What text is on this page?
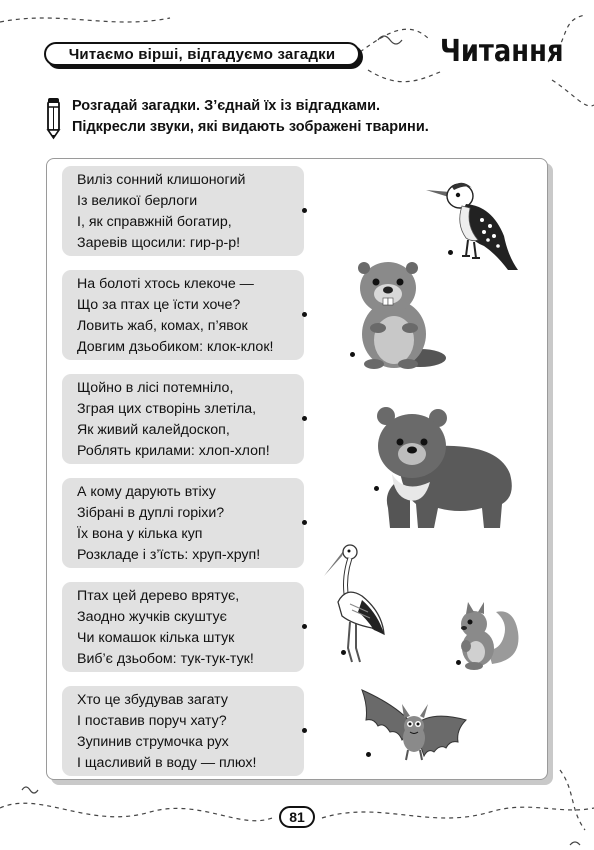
Читаємо вірші, відгадуємо загадки	Читання
Розгадай загадки. З’єднай їх із відгадками.
Підкресли звуки, які видають зображені тварини.
Виліз сонний клишоногий
Із великої берлоги
І, як справжній богатир,
Заревів щосили: гир-р-р!
На болоті хтось клекоче —
Що за птах це їсти хоче?
Ловить жаб, комах, п’явок
Довгим дзьобиком: клок-клок!
Щойно в лісі потемніло,
Зграя цих створінь злетіла,
Як живий калейдоскоп,
Роблять крилами: хлоп-хлоп!
А кому дарують втіху
Зібрані в дуплі горіхи?
Їх вона у кілька куп
Розкладе і з’їсть: хруп-хруп!
Птах цей дерево врятує,
Заодно жучків скуштує
Чи комашок кілька штук
Виб’є дзьобом: тук-тук-тук!
Хто це збудував загату
І поставив поруч хату?
Зупинив струмочка рух
І щасливий в воду — плюх!
81
